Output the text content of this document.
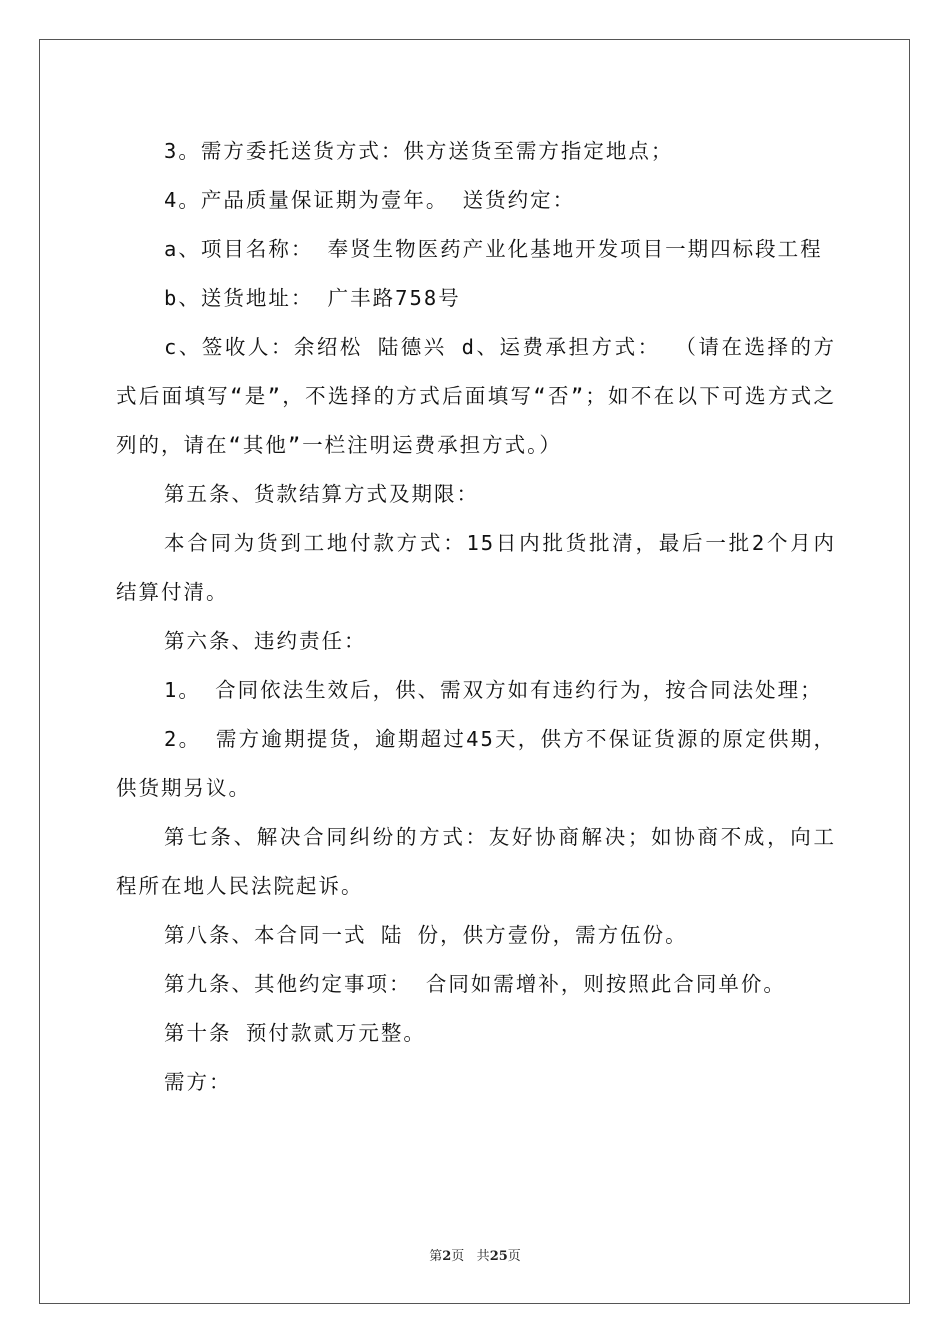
3。需方委托送货方式：供方送货至需方指定地点；

4。产品质量保证期为壹年。 送货约定：

a、项目名称： 奉贤生物医药产业化基地开发项目一期四标段工程

b、送货地址： 广丰路758号

c、签收人：余绍松 陆德兴 d、运费承担方式： （请在选择的方式后面填写“是”，不选择的方式后面填写“否”；如不在以下可选方式之列的，请在“其他”一栏注明运费承担方式。）

第五条、货款结算方式及期限：

本合同为货到工地付款方式：15日内批货批清，最后一批2个月内结算付清。

第六条、违约责任：

1。 合同依法生效后，供、需双方如有违约行为，按合同法处理；

2。 需方逾期提货，逾期超过45天，供方不保证货源的原定供期，供货期另议。

第七条、解决合同纠纷的方式：友好协商解决；如协商不成，向工程所在地人民法院起诉。

第八条、本合同一式 陆 份，供方壹份，需方伍份。

第九条、其他约定事项： 合同如需增补，则按照此合同单价。

第十条 预付款贰万元整。

需方：

第2页 共25页
